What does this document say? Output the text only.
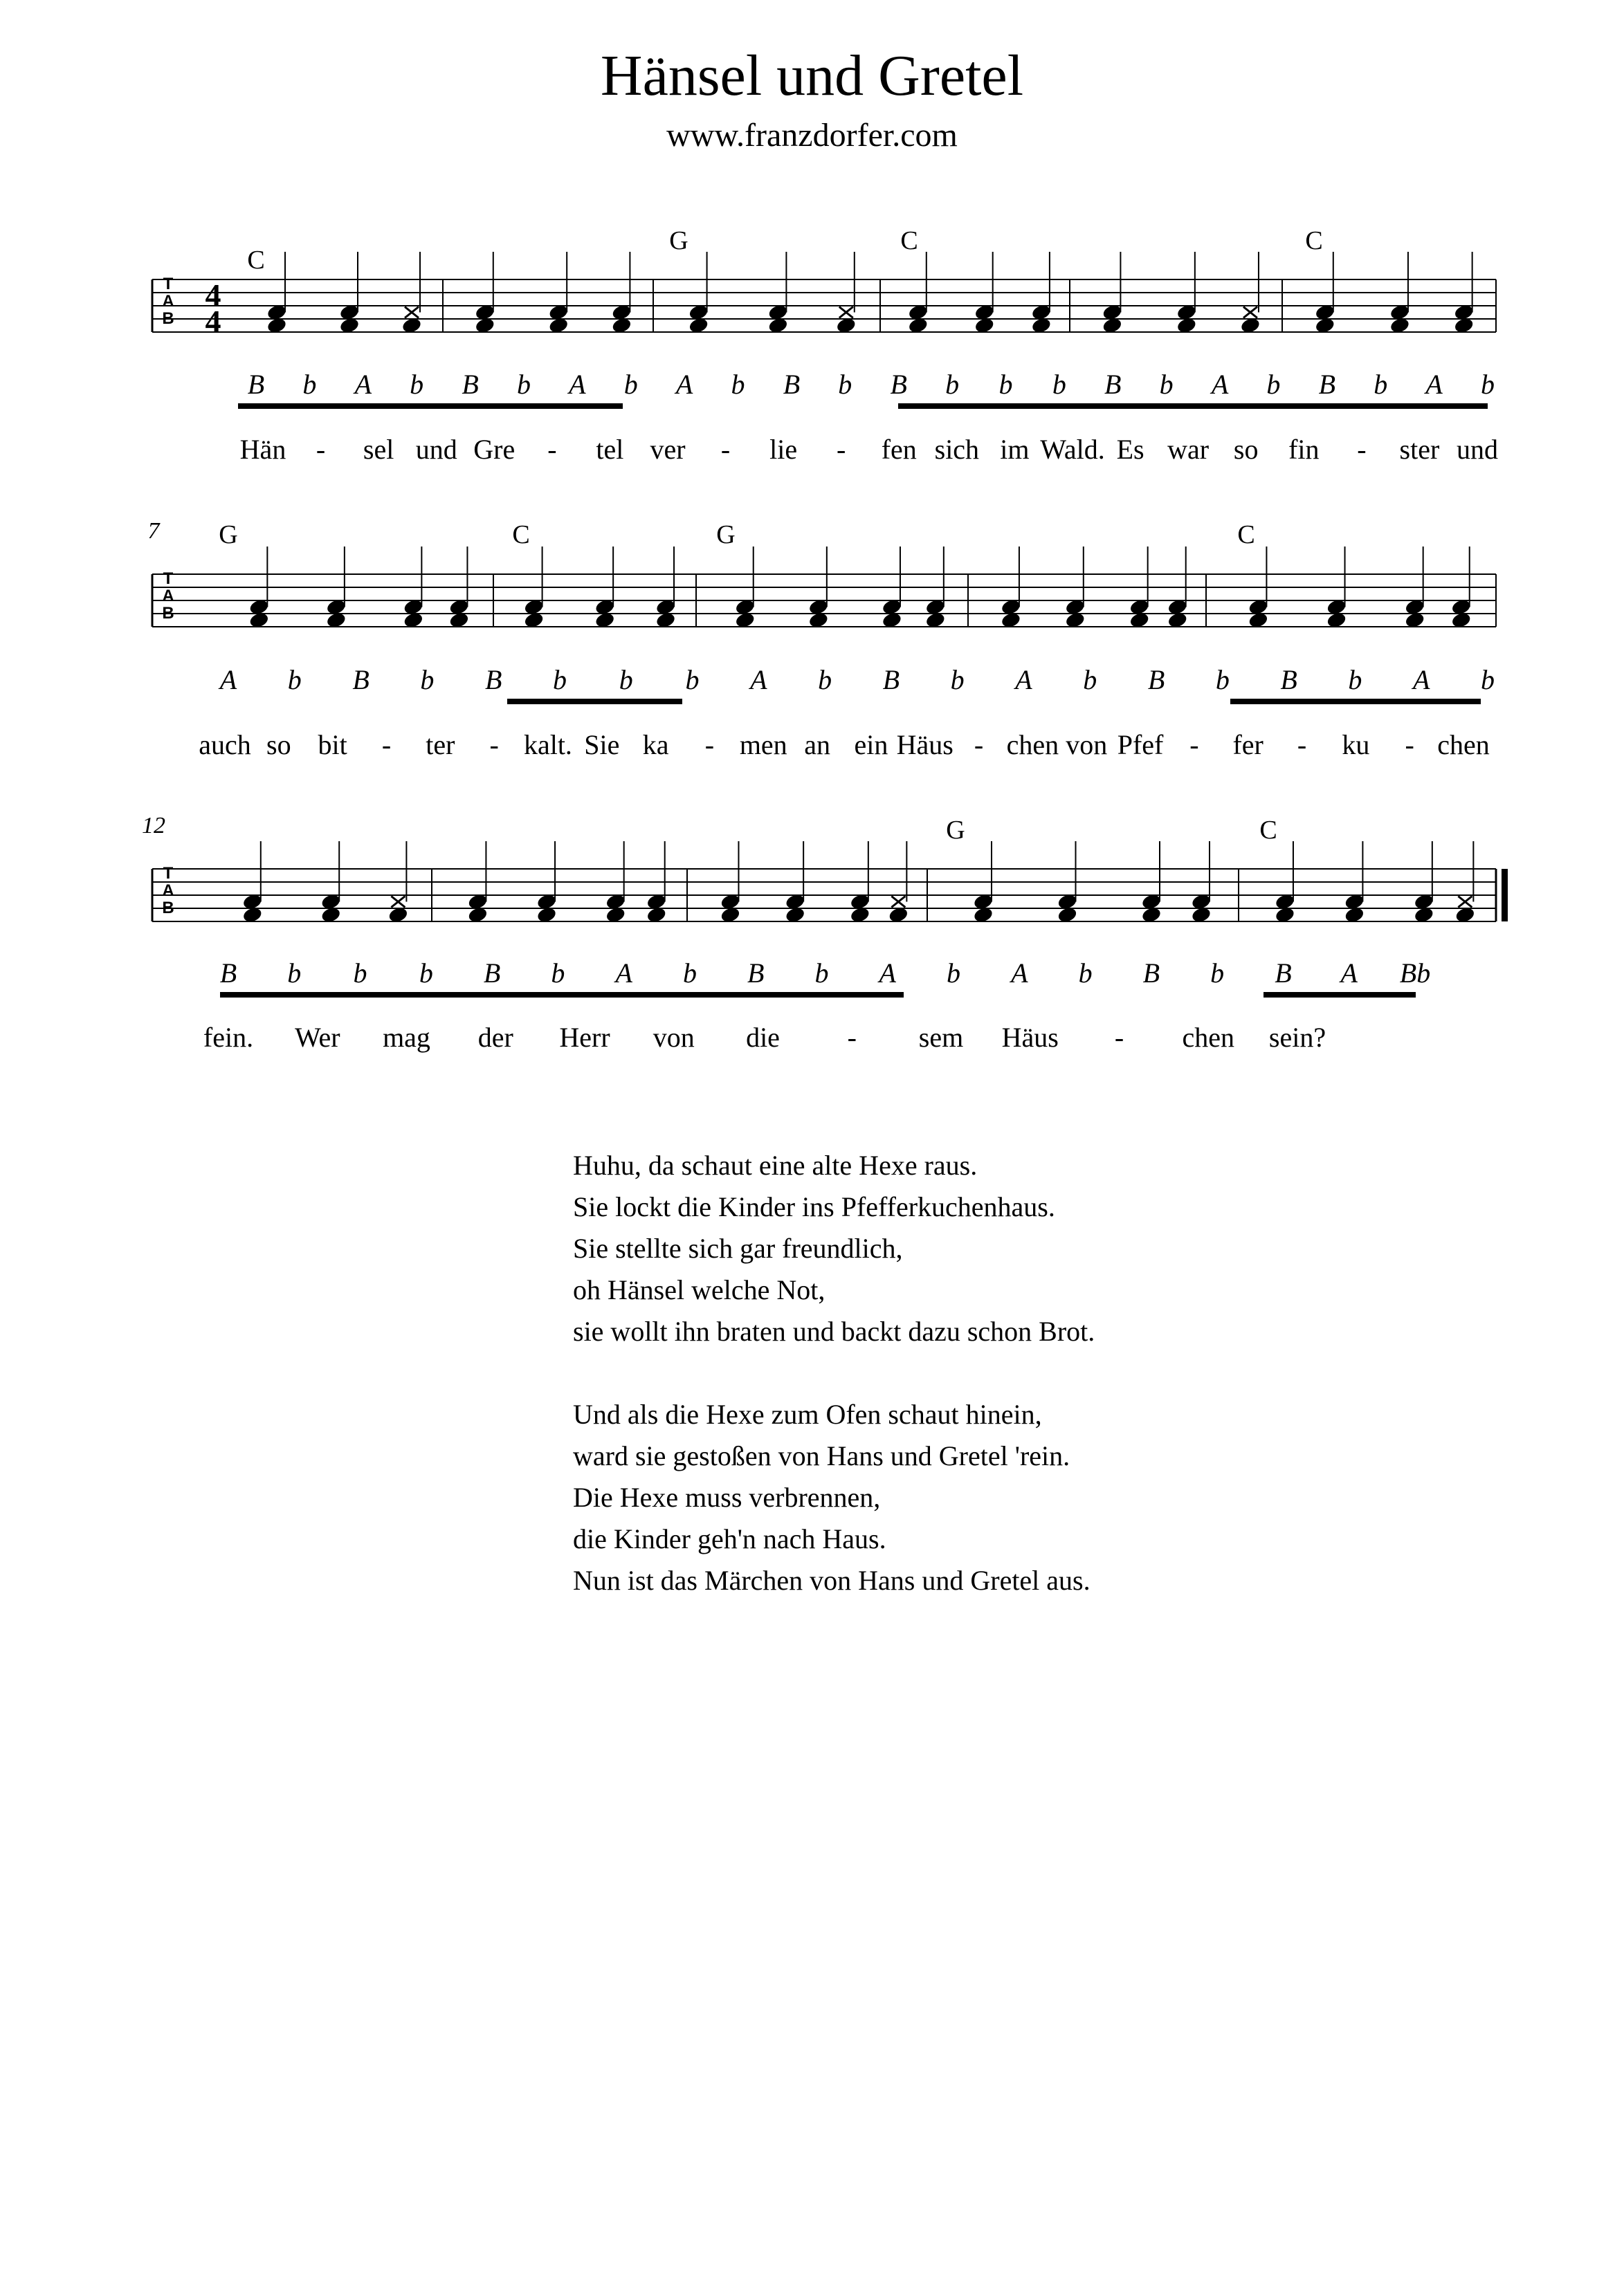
Hänsel und Gretel
www.franzdorfer.com
T
A
B
4
4
C
G	C	C
B b A b B b A b A b B b B b b b B b A b B b A b
Hän - sel und Gre - tel ver - lie - fen sich im Wald. Es war so fin - ster und
T
A
B
7 G	C	G	C
A b B b B b b b A b B b A b B b B b A b
auch so bit - ter - kalt. Sie ka - men an ein Häus - chen von Pfef - fer - ku - chen
T
A
B
12	G	C
B b b b B b A b B b A b A b B b B A Bb
fein. Wer mag der Herr von die - sem Häus - chen sein?
Huhu, da schaut eine alte Hexe raus.
Sie lockt die Kinder ins Pfefferkuchenhaus.
Sie stellte sich gar freundlich,
oh Hänsel welche Not,
sie wollt ihn braten und backt dazu schon Brot.
Und als die Hexe zum Ofen schaut hinein,
ward sie gestoßen von Hans und Gretel 'rein.
Die Hexe muss verbrennen,
die Kinder geh'n nach Haus.
Nun ist das Märchen von Hans und Gretel aus.
